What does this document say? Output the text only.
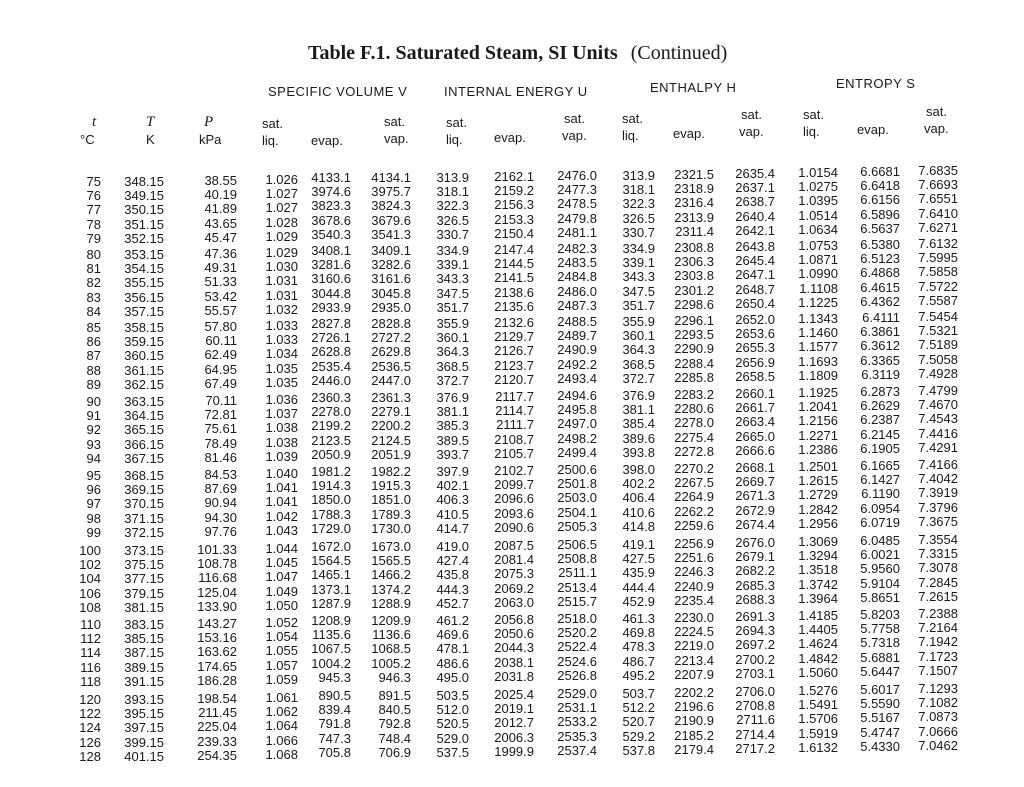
Table F.1. Saturated Steam, SI Units (Continued)
SPECIFIC VOLUME V	INTERNAL ENERGY U	ENTHALPY H	ENTROPY S
t
°C
T
K
P
kPa
sat.
liq. evap.
sat.
vap.
sat.
liq. evap.
sat.
vap.
sat.
liq.	evap.
sat.
vap.
sat.
liq.	evap.
sat.
vap.
75 348.15	38.55 1.026 4133.1 4134.1 313.9 2162.1 2476.0 313.9 2321.5 2635.4 1.0154 6.6681 7.6835
76 349.15	40.19 1.027 3974.6 3975.7 318.1 2159.2 2477.3 318.1 2318.9 2637.1 1.0275 6.6418 7.6693
77 350.15	41.89 1.027 3823.3 3824.3 322.3 2156.3 2478.5 322.3 2316.4 2638.7 1.0395 6.6156 7.6551
78 351.15	43.65 1.028 3678.6 3679.6 326.5 2153.3 2479.8 326.5 2313.9 2640.4 1.0514 6.5896 7.6410
79 352.15	45.47 1.029 3540.3 3541.3 330.7 2150.4 2481.1 330.7 2311.4 2642.1 1.0634 6.5637 7.6271
80 353.15	47.36 1.029 3408.1 3409.1 334.9 2147.4 2482.3 334.9 2308.8 2643.8 1.0753 6.5380 7.6132
81 354.15	49.31 1.030 3281.6 3282.6 339.1 2144.5 2483.5 339.1 2306.3 2645.4 1.0871 6.5123 7.5995
82 355.15	51.33 1.031 3160.6 3161.6 343.3 2141.5 2484.8 343.3 2303.8 2647.1 1.0990 6.4868 7.5858
83 356.15	53.42 1.031 3044.8 3045.8 347.5 2138.6 2486.0 347.5 2301.2 2648.7 1.1108 6.4615 7.5722
84 357.15	55.57 1.032 2933.9 2935.0 351.7 2135.6 2487.3 351.7 2298.6 2650.4 1.1225 6.4362 7.5587
85 358.15	57.80 1.033 2827.8 2828.8 355.9 2132.6 2488.5 355.9 2296.1 2652.0 1.1343 6.4111 7.5454
86 359.15	60.11 1.033 2726.1 2727.2 360.1 2129.7 2489.7 360.1 2293.5 2653.6 1.1460 6.3861 7.5321
87 360.15	62.49 1.034 2628.8 2629.8 364.3 2126.7 2490.9 364.3 2290.9 2655.3 1.1577 6.3612 7.5189
88 361.15	64.95 1.035 2535.4 2536.5 368.5 2123.7 2492.2 368.5 2288.4 2656.9 1.1693 6.3365 7.5058
89 362.15	67.49 1.035 2446.0 2447.0 372.7 2120.7 2493.4 372.7 2285.8 2658.5 1.1809 6.3119 7.4928
90 363.15	70.11 1.036 2360.3 2361.3 376.9 2117.7 2494.6 376.9 2283.2 2660.1 1.1925 6.2873 7.4799
91 364.15	72.81 1.037 2278.0 2279.1 381.1 2114.7 2495.8 381.1 2280.6 2661.7 1.2041 6.2629 7.4670
92 365.15	75.61 1.038 2199.2 2200.2 385.3 2111.7 2497.0 385.4 2278.0 2663.4 1.2156 6.2387 7.4543
93 366.15	78.49 1.038 2123.5 2124.5 389.5 2108.7 2498.2 389.6 2275.4 2665.0 1.2271 6.2145 7.4416
94 367.15	81.46 1.039 2050.9 2051.9 393.7 2105.7 2499.4 393.8 2272.8 2666.6 1.2386 6.1905 7.4291
95 368.15	84.53 1.040 1981.2 1982.2 397.9 2102.7 2500.6 398.0 2270.2 2668.1 1.2501 6.1665 7.4166
96 369.15	87.69 1.041 1914.3 1915.3 402.1 2099.7 2501.8 402.2 2267.5 2669.7 1.2615 6.1427 7.4042
97 370.15	90.94 1.041 1850.0 1851.0 406.3 2096.6 2503.0 406.4 2264.9 2671.3 1.2729 6.1190 7.3919
98 371.15	94.30 1.042 1788.3 1789.3 410.5 2093.6 2504.1 410.6 2262.2 2672.9 1.2842 6.0954 7.3796
99 372.15	97.76 1.043 1729.0 1730.0 414.7 2090.6 2505.3 414.8 2259.6 2674.4 1.2956 6.0719 7.3675
100 373.15	101.33 1.044 1672.0 1673.0 419.0 2087.5 2506.5 419.1 2256.9 2676.0 1.3069 6.0485 7.3554
102 375.15	108.78 1.045 1564.5 1565.5 427.4 2081.4 2508.8 427.5 2251.6 2679.1 1.3294 6.0021 7.3315
104 377.15	116.68 1.047 1465.1 1466.2 435.8 2075.3 2511.1 435.9 2246.3 2682.2 1.3518 5.9560 7.3078
106 379.15	125.04 1.049 1373.1 1374.2 444.3 2069.2 2513.4 444.4 2240.9 2685.3 1.3742 5.9104 7.2845
108 381.15	133.90 1.050 1287.9 1288.9 452.7 2063.0 2515.7 452.9 2235.4 2688.3 1.3964 5.8651 7.2615
110 383.15	143.27 1.052 1208.9 1209.9 461.2 2056.8 2518.0 461.3 2230.0 2691.3 1.4185 5.8203 7.2388
112 385.15	153.16 1.054 1135.6 1136.6 469.6 2050.6 2520.2 469.8 2224.5 2694.3 1.4405 5.7758 7.2164
114 387.15	163.62 1.055 1067.5 1068.5 478.1 2044.3 2522.4 478.3 2219.0 2697.2 1.4624 5.7318 7.1942
116 389.15	174.65 1.057 1004.2 1005.2 486.6 2038.1 2524.6 486.7 2213.4 2700.2 1.4842 5.6881 7.1723
118 391.15	186.28 1.059 945.3 946.3 495.0 2031.8 2526.8 495.2 2207.9 2703.1 1.5060 5.6447 7.1507
120 393.15	198.54 1.061 890.5 891.5 503.5 2025.4 2529.0 503.7 2202.2 2706.0 1.5276 5.6017 7.1293
122 395.15	211.45 1.062 839.4 840.5 512.0 2019.1 2531.1 512.2 2196.6 2708.8 1.5491 5.5590 7.1082
124 397.15	225.04 1.064 791.8 792.8 520.5 2012.7 2533.2 520.7 2190.9 2711.6 1.5706 5.5167 7.0873
126 399.15	239.33 1.066 747.3 748.4 529.0 2006.3 2535.3 529.2 2185.2 2714.4 1.5919 5.4747 7.0666
128 401.15	254.35 1.068 705.8 706.9 537.5 1999.9 2537.4 537.8 2179.4 2717.2 1.6132 5.4330 7.0462
